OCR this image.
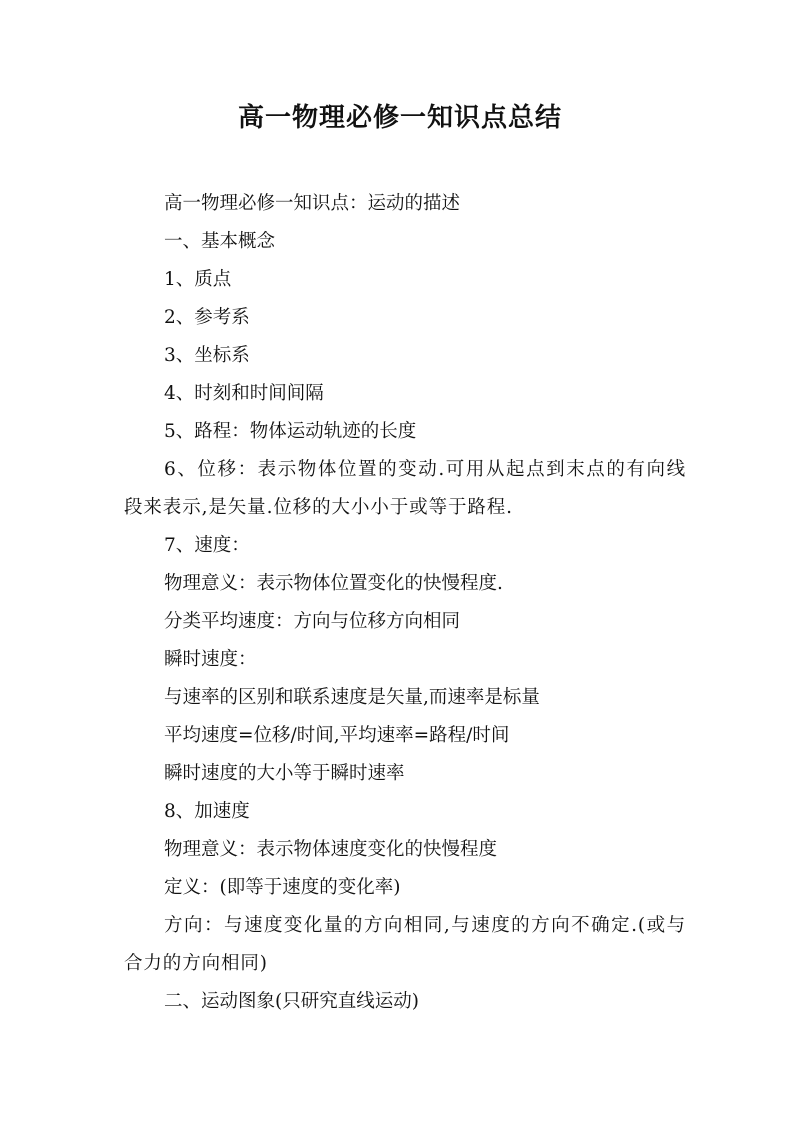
高一物理必修一知识点总结

高一物理必修一知识点：运动的描述

一、基本概念

1、质点

2、参考系

3、坐标系

4、时刻和时间间隔

5、路程：物体运动轨迹的长度

6、位移：表示物体位置的变动.可用从起点到末点的有向线段来表示,是矢量.位移的大小小于或等于路程.

7、速度：

物理意义：表示物体位置变化的快慢程度.

分类平均速度：方向与位移方向相同

瞬时速度：

与速率的区别和联系速度是矢量,而速率是标量

平均速度=位移/时间,平均速率=路程/时间

瞬时速度的大小等于瞬时速率

8、加速度

物理意义：表示物体速度变化的快慢程度

定义：(即等于速度的变化率)

方向：与速度变化量的方向相同,与速度的方向不确定.(或与合力的方向相同)

二、运动图象(只研究直线运动)
